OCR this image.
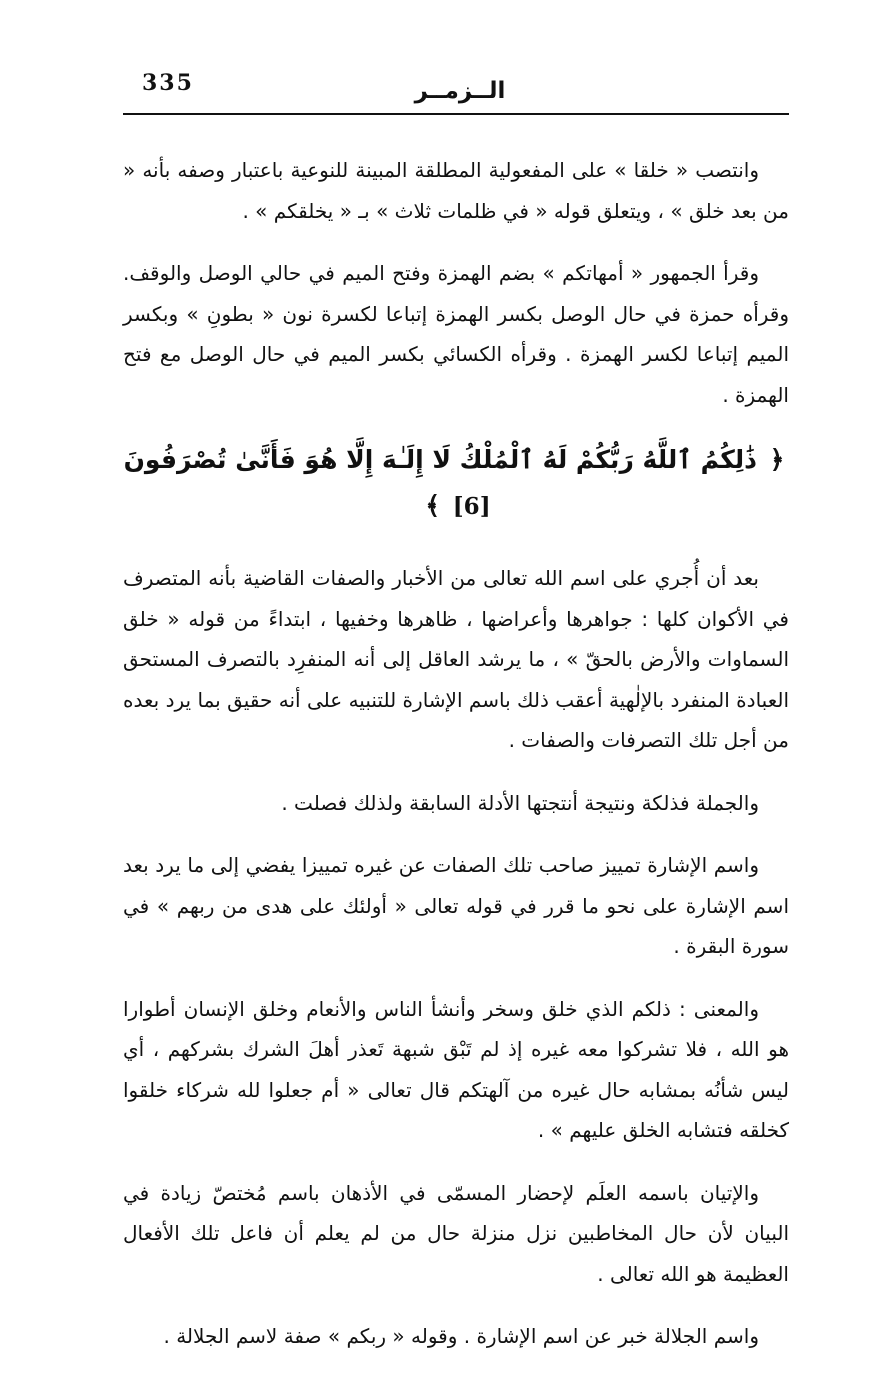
335	الــزمــر

وانتصب « خلقا » على المفعولية المطلقة المبينة للنوعية باعتبار وصفه بأنه « من بعد خلق » ، ويتعلق قوله « في ظلمات ثلاث » بـ « يخلقكم » .

وقرأ الجمهور « أمهاتكم » بضم الهمزة وفتح الميم في حالي الوصل والوقف. وقرأه حمزة في حال الوصل بكسر الهمزة إتباعا لكسرة نون « بطونِ » وبكسر الميم إتباعا لكسر الهمزة . وقرأه الكسائي بكسر الميم في حال الوصل مع فتح الهمزة .

﴿ ذَٰلِكُمُ ٱللَّهُ رَبُّكُمْ لَهُ ٱلْمُلْكُ لَا إِلَـٰهَ إِلَّا هُوَ فَأَنَّىٰ تُصْرَفُونَ [6] ﴾

بعد أن أُجري على اسم الله تعالى من الأخبار والصفات القاضية بأنه المتصرف في الأكوان كلها : جواهرها وأعراضها ، ظاهرها وخفيها ، ابتداءً من قوله « خلق السماوات والأرض بالحقّ » ، ما يرشد العاقل إلى أنه المنفرِد بالتصرف المستحق العبادة المنفرد بالإلٰهية أعقب ذلك باسم الإشارة للتنبيه على أنه حقيق بما يرد بعده من أجل تلك التصرفات والصفات .

والجملة فذلكة ونتيجة أنتجتها الأدلة السابقة ولذلك فصلت .

واسم الإشارة تمييز صاحب تلك الصفات عن غيره تمييزا يفضي إلى ما يرد بعد اسم الإشارة على نحو ما قرر في قوله تعالى « أولئك على هدى من ربهم » في سورة البقرة .

والمعنى : ذلكم الذي خلق وسخر وأنشأ الناس والأنعام وخلق الإنسان أطوارا هو الله ، فلا تشركوا معه غيره إذ لم تَبْق شبهة تَعذر أهلَ الشرك بشركهم ، أي ليس شأنُه بمشابه حال غيره من آلهتكم قال تعالى « أم جعلوا لله شركاء خلقوا كخلقه فتشابه الخلق عليهم » .

والإتيان باسمه العلَم لإحضار المسمّى في الأذهان باسم مُختصّ زيادة في البيان لأن حال المخاطبين نزل منزلة حال من لم يعلم أن فاعل تلك الأفعال العظيمة هو الله تعالى .

واسم الجلالة خبر عن اسم الإشارة . وقوله « ربكم » صفة لاسم الجلالة .
